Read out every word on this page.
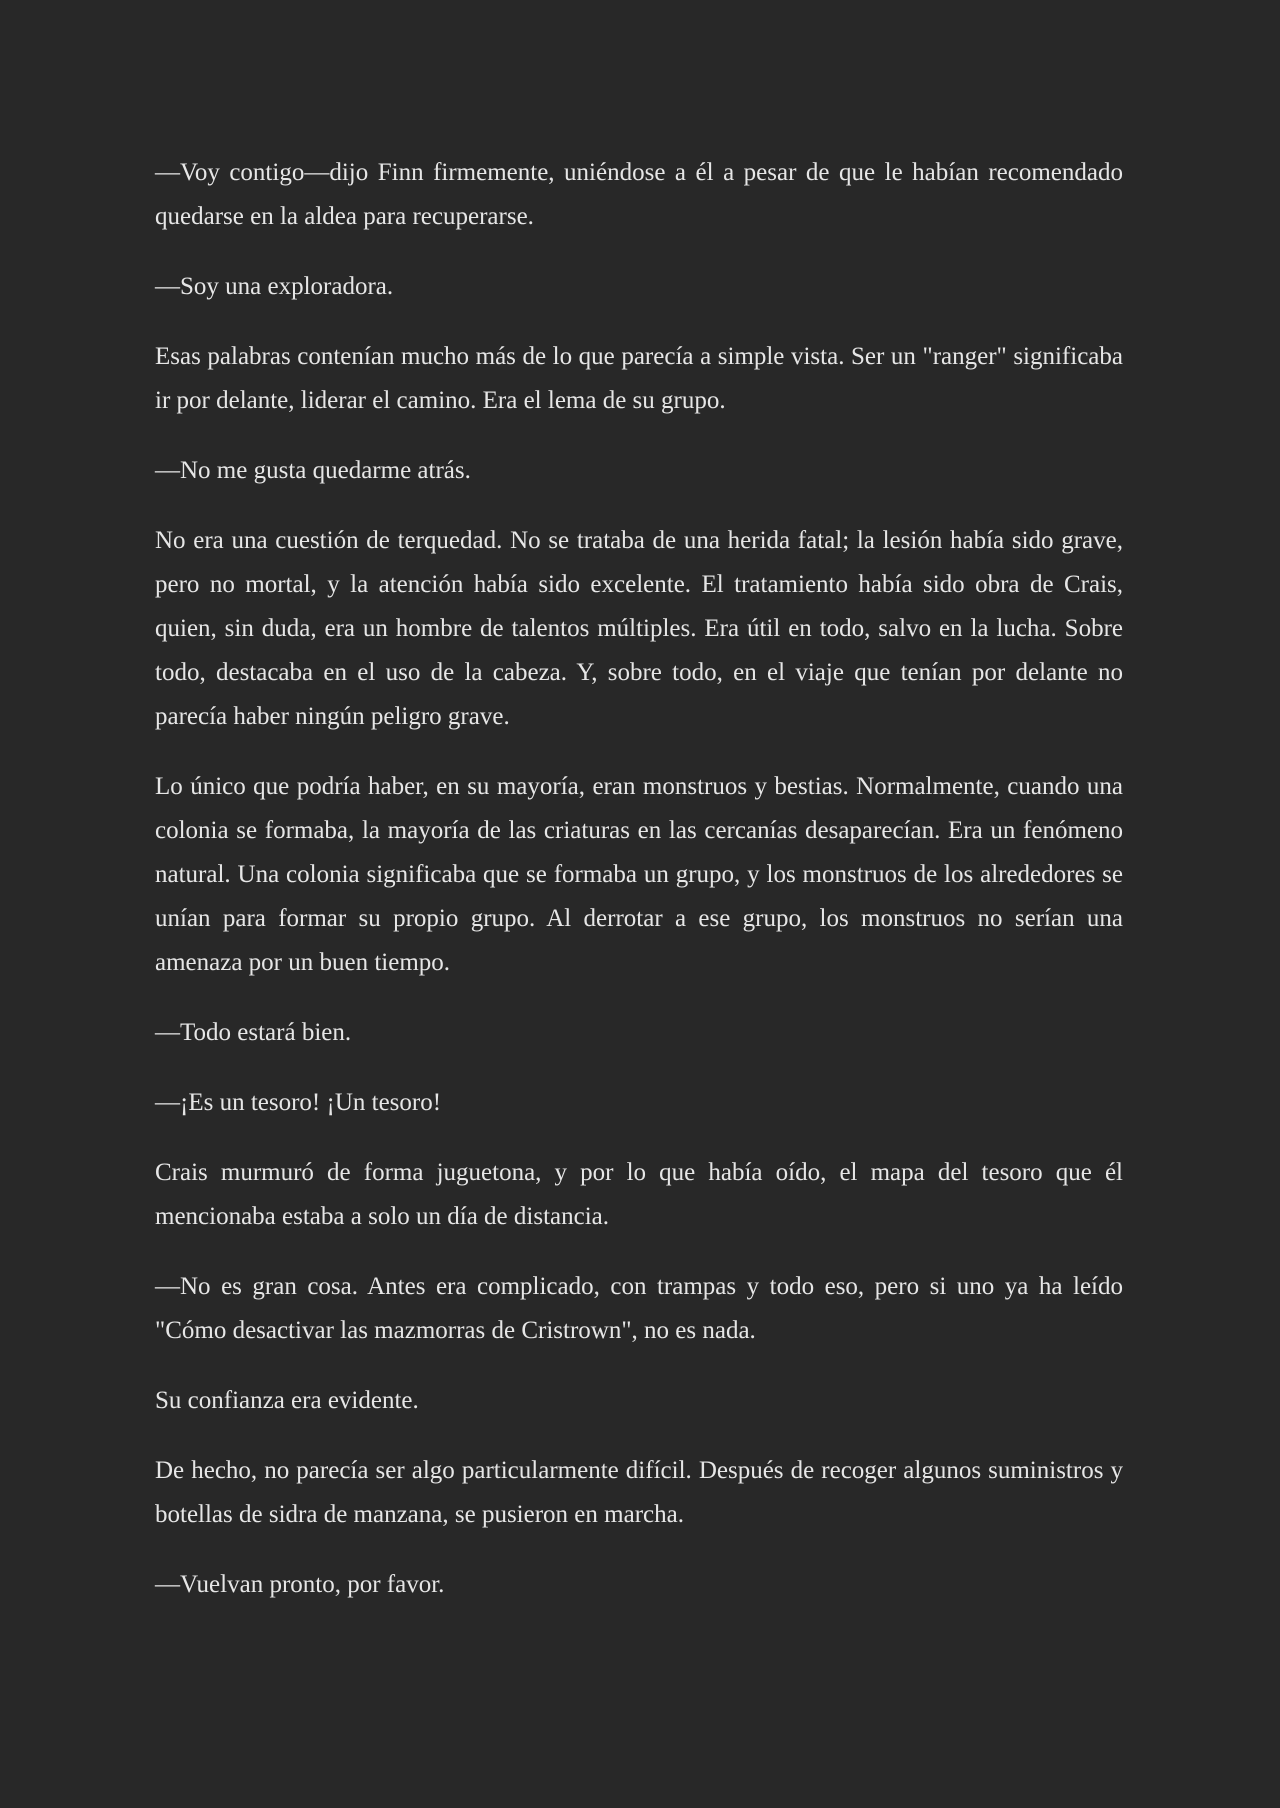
—Voy contigo—dijo Finn firmemente, uniéndose a él a pesar de que le habían recomendado quedarse en la aldea para recuperarse.

—Soy una exploradora.

Esas palabras contenían mucho más de lo que parecía a simple vista. Ser un "ranger" significaba ir por delante, liderar el camino. Era el lema de su grupo.

—No me gusta quedarme atrás.

No era una cuestión de terquedad. No se trataba de una herida fatal; la lesión había sido grave, pero no mortal, y la atención había sido excelente. El tratamiento había sido obra de Crais, quien, sin duda, era un hombre de talentos múltiples. Era útil en todo, salvo en la lucha. Sobre todo, destacaba en el uso de la cabeza. Y, sobre todo, en el viaje que tenían por delante no parecía haber ningún peligro grave.

Lo único que podría haber, en su mayoría, eran monstruos y bestias. Normalmente, cuando una colonia se formaba, la mayoría de las criaturas en las cercanías desaparecían. Era un fenómeno natural. Una colonia significaba que se formaba un grupo, y los monstruos de los alrededores se unían para formar su propio grupo. Al derrotar a ese grupo, los monstruos no serían una amenaza por un buen tiempo.

—Todo estará bien.

—¡Es un tesoro! ¡Un tesoro!

Crais murmuró de forma juguetona, y por lo que había oído, el mapa del tesoro que él mencionaba estaba a solo un día de distancia.

—No es gran cosa. Antes era complicado, con trampas y todo eso, pero si uno ya ha leído "Cómo desactivar las mazmorras de Cristrown", no es nada.

Su confianza era evidente.

De hecho, no parecía ser algo particularmente difícil. Después de recoger algunos suministros y botellas de sidra de manzana, se pusieron en marcha.

—Vuelvan pronto, por favor.
